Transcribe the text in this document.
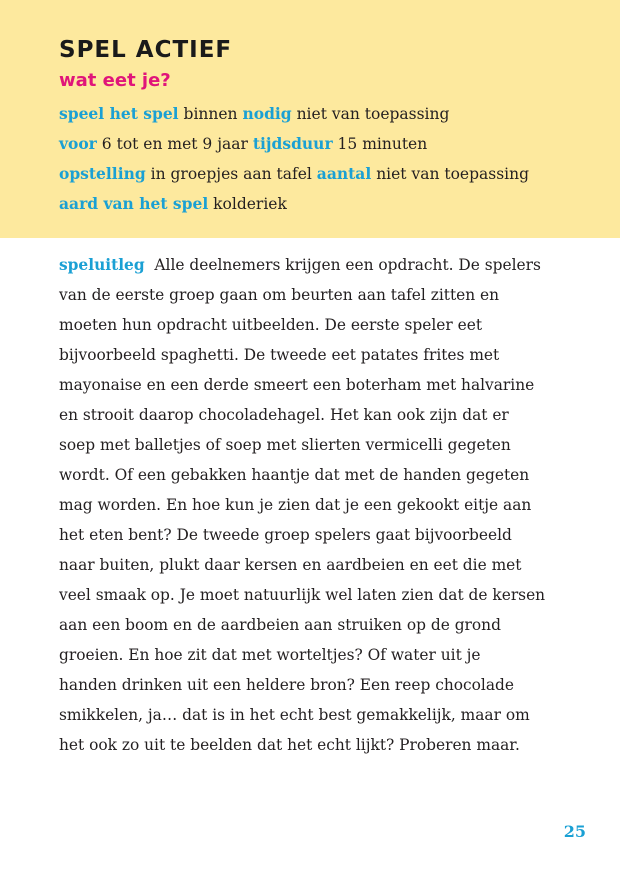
SPEL ACTIEF
wat eet je?
speel het spel binnen nodig niet van toepassing
voor 6 tot en met 9 jaar tijdsduur 15 minuten
opstelling in groepjes aan tafel aantal niet van toepassing
aard van het spel kolderiek
speluitleg Alle deelnemers krijgen een opdracht. De spelers
van de eerste groep gaan om beurten aan tafel zitten en
moeten hun opdracht uitbeelden. De eerste speler eet
bijvoorbeeld spaghetti. De tweede eet patates frites met
mayonaise en een derde smeert een boterham met halvarine
en strooit daarop chocoladehagel. Het kan ook zijn dat er
soep met balletjes of soep met slierten vermicelli gegeten
wordt. Of een gebakken haantje dat met de handen gegeten
mag worden. En hoe kun je zien dat je een gekookt eitje aan
het eten bent? De tweede groep spelers gaat bijvoorbeeld
naar buiten, plukt daar kersen en aardbeien en eet die met
veel smaak op. Je moet natuurlijk wel laten zien dat de kersen
aan een boom en de aardbeien aan struiken op de grond
groeien. En hoe zit dat met worteltjes? Of water uit je
handen drinken uit een heldere bron? Een reep chocolade
smikkelen, ja… dat is in het echt best gemakkelijk, maar om
het ook zo uit te beelden dat het echt lijkt? Proberen maar.
25
